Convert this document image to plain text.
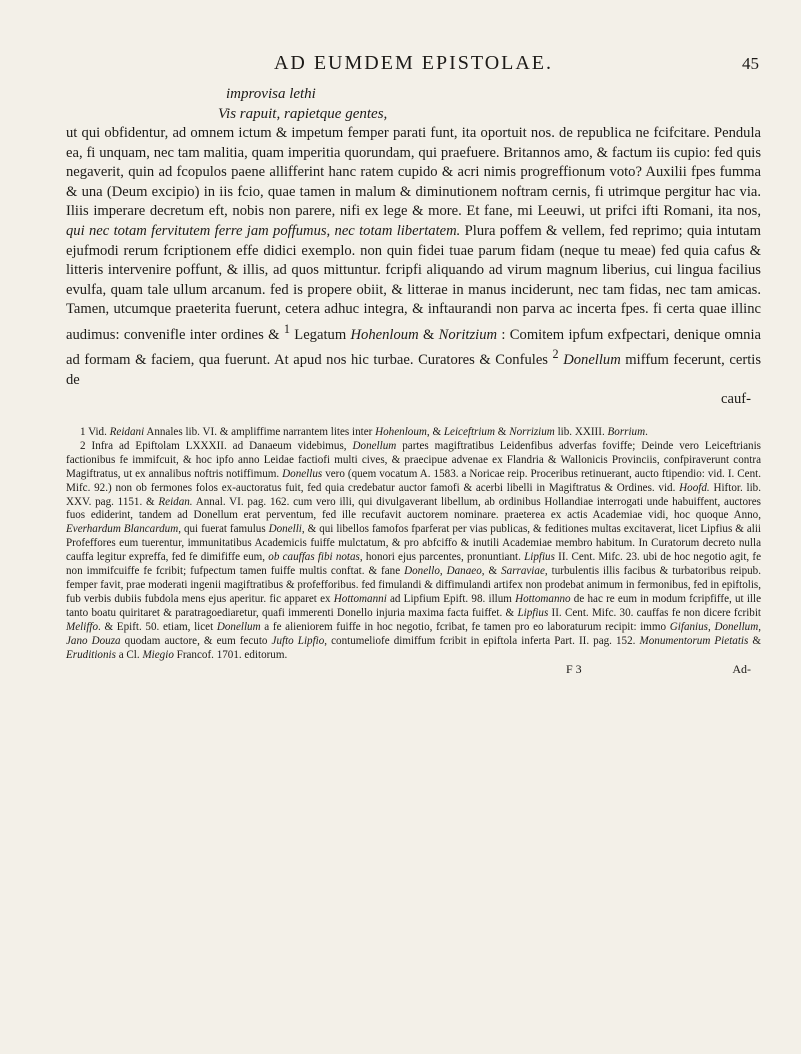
AD EUMDEM EPISTOLAE.	45
improvisa lethi
Vis rapuit, rapietque gentes,

ut qui obfidentur, ad omnem ictum & impetum femper parati funt, ita oportuit nos. de republica ne fcifcitare. Pendula ea, fi unquam, nec tam malitia, quam imperitia quorundam, qui praefuere. Britannos amo, & factum iis cupio: fed quis negaverit, quin ad fcopulos paene allifferint hanc ratem cupido & acri nimis progreffionum voto? Auxilii fpes fumma & una (Deum excipio) in iis fcio, quae tamen in malum & diminutionem noftram cernis, fi utrimque pergitur hac via. Iliis imperare decretum eft, nobis non parere, nifi ex lege & more. Et fane, mi Leeuwi, ut prifci ifti Romani, ita nos, qui nec totam fervitutem ferre jam poffumus, nec totam libertatem. Plura poffem & vellem, fed reprimo; quia intutam ejufmodi rerum fcriptionem effe didici exemplo. non quin fidei tuae parum fidam (neque tu meae) fed quia cafus & litteris intervenire poffunt, & illis, ad quos mittuntur. fcripfi aliquando ad virum magnum liberius, cui lingua facilius evulfa, quam tale ullum arcanum. fed is propere obiit, & litterae in manus inciderunt, nec tam fidas, nec tam amicas. Tamen, utcumque praeterita fuerunt, cetera adhuc integra, & inftaurandi non parva ac incerta fpes. fi certa quae illinc audimus: convenifle inter ordines & $^1$ Legatum Hohenloum & Noritzium : Comitem ipfum exfpectari, denique omnia ad formam & faciem, qua fuerunt. At apud nos hic turbae. Curatores & Confules $^2$ Donellum miffum fecerunt, certis de

cauf-

1 Vid. Reidani Annales lib. VI. & ampliffime narrantem lites inter Hohenloum, & Leiceftrium & Norrizium lib. XXIII. Borrium.

2 Infra ad Epiftolam LXXXII. ad Danaeum videbimus, Donellum partes magiftratibus Leidenfibus adverfas foviffe; Deinde vero Leiceftrianis factionibus fe immifcuit, & hoc ipfo anno Leidae factiofi multi cives, & praecipue advenae ex Flandria & Wallonicis Provinciis, confpiraverunt contra Magiftratus, ut ex annalibus noftris notiffimum. Donellus vero (quem vocatum A. 1583. a Noricae reip. Proceribus retinuerant, aucto ftipendio: vid. I. Cent. Mifc. 92.) non ob fermones folos ex-auctoratus fuit, fed quia credebatur auctor famofi & acerbi libelli in Magiftratus & Ordines. vid. Hoofd. Hiftor. lib. XXV. pag. 1151. & Reidan. Annal. VI. pag. 162. cum vero illi, qui divulgaverant libellum, ab ordinibus Hollandiae interrogati unde habuiffent, auctores fuos ediderint, tandem ad Donellum erat perventum, fed ille recufavit auctorem nominare. praeterea ex actis Academiae vidi, hoc quoque Anno, Everhardum Blancardum, qui fuerat famulus Donelli, & qui libellos famofos fparferat per vias publicas, & feditiones multas excitaverat, licet Lipfius & alii Profeffores eum tuerentur, immunitatibus Academicis fuiffe mulctatum, & pro abfciffo & inutili Academiae membro habitum. In Curatorum decreto nulla cauffa legitur expreffa, fed fe dimififfe eum, ob cauffas fibi notas, honori ejus parcentes, pronuntiant. Lipfius II. Cent. Mifc. 23. ubi de hoc negotio agit, fe non immifcuiffe fe fcribit; fufpectum tamen fuiffe multis conftat. & fane Donello, Danaeo, & Sarraviae, turbulentis illis facibus & turbatoribus reipub. femper favit, prae moderati ingenii magiftratibus & profefforibus. fed fimulandi & diffimulandi artifex non prodebat animum in fermonibus, fed in epiftolis, fub verbis dubiis fubdola mens ejus aperitur. fic apparet ex Hottomanni ad Lipfium Epift. 98. illum Hottomanno de hac re eum in modum fcripfiffe, ut ille tanto boatu quiritaret & paratragoediaretur, quafi immerenti Donello injuria maxima facta fuiffet. & Lipfius II. Cent. Mifc. 30. cauffas fe non dicere fcribit Meliffo. & Epift. 50. etiam, licet Donellum a fe alieniorem fuiffe in hoc negotio, fcribat, fe tamen pro eo laboraturum recipit: immo Gifanius, Donellum, Jano Douza quodam auctore, & eum fecuto Jufto Lipfio, contumeliofe dimiffum fcribit in epiftola inferta Part. II. pag. 152. Monumentorum Pietatis & Eruditionis a Cl. Miegio Francof. 1701. editorum.

F 3	Ad-
